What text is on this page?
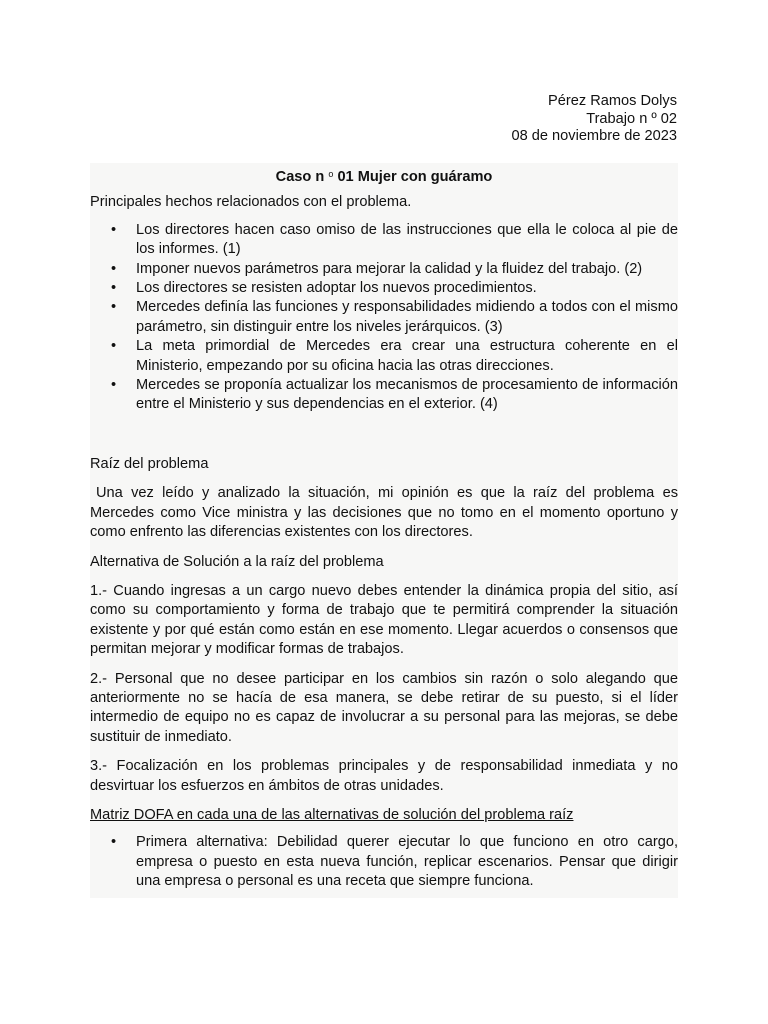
Pérez Ramos Dolys
Trabajo n º 02
08 de noviembre de 2023
Caso n $^o$ 01 Mujer con guáramo

Principales hechos relacionados con el problema.

• Los directores hacen caso omiso de las instrucciones que ella le coloca al pie de los informes. (1)
• Imponer nuevos parámetros para mejorar la calidad y la fluidez del trabajo. (2)
• Los directores se resisten adoptar los nuevos procedimientos.
• Mercedes definía las funciones y responsabilidades midiendo a todos con el mismo parámetro, sin distinguir entre los niveles jerárquicos. (3)
• La meta primordial de Mercedes era crear una estructura coherente en el Ministerio, empezando por su oficina hacia las otras direcciones.
• Mercedes se proponía actualizar los mecanismos de procesamiento de información entre el Ministerio y sus dependencias en el exterior. (4)

Raíz del problema

Una vez leído y analizado la situación, mi opinión es que la raíz del problema es Mercedes como Vice ministra y las decisiones que no tomo en el momento oportuno y como enfrento las diferencias existentes con los directores.

Alternativa de Solución a la raíz del problema

1.- Cuando ingresas a un cargo nuevo debes entender la dinámica propia del sitio, así como su comportamiento y forma de trabajo que te permitirá comprender la situación existente y por qué están como están en ese momento. Llegar acuerdos o consensos que permitan mejorar y modificar formas de trabajos.

2.- Personal que no desee participar en los cambios sin razón o solo alegando que anteriormente no se hacía de esa manera, se debe retirar de su puesto, si el líder intermedio de equipo no es capaz de involucrar a su personal para las mejoras, se debe sustituir de inmediato.

3.- Focalización en los problemas principales y de responsabilidad inmediata y no desvirtuar los esfuerzos en ámbitos de otras unidades.

Matriz DOFA en cada una de las alternativas de solución del problema raíz

• Primera alternativa: Debilidad querer ejecutar lo que funciono en otro cargo, empresa o puesto en esta nueva función, replicar escenarios. Pensar que dirigir una empresa o personal es una receta que siempre funciona.
